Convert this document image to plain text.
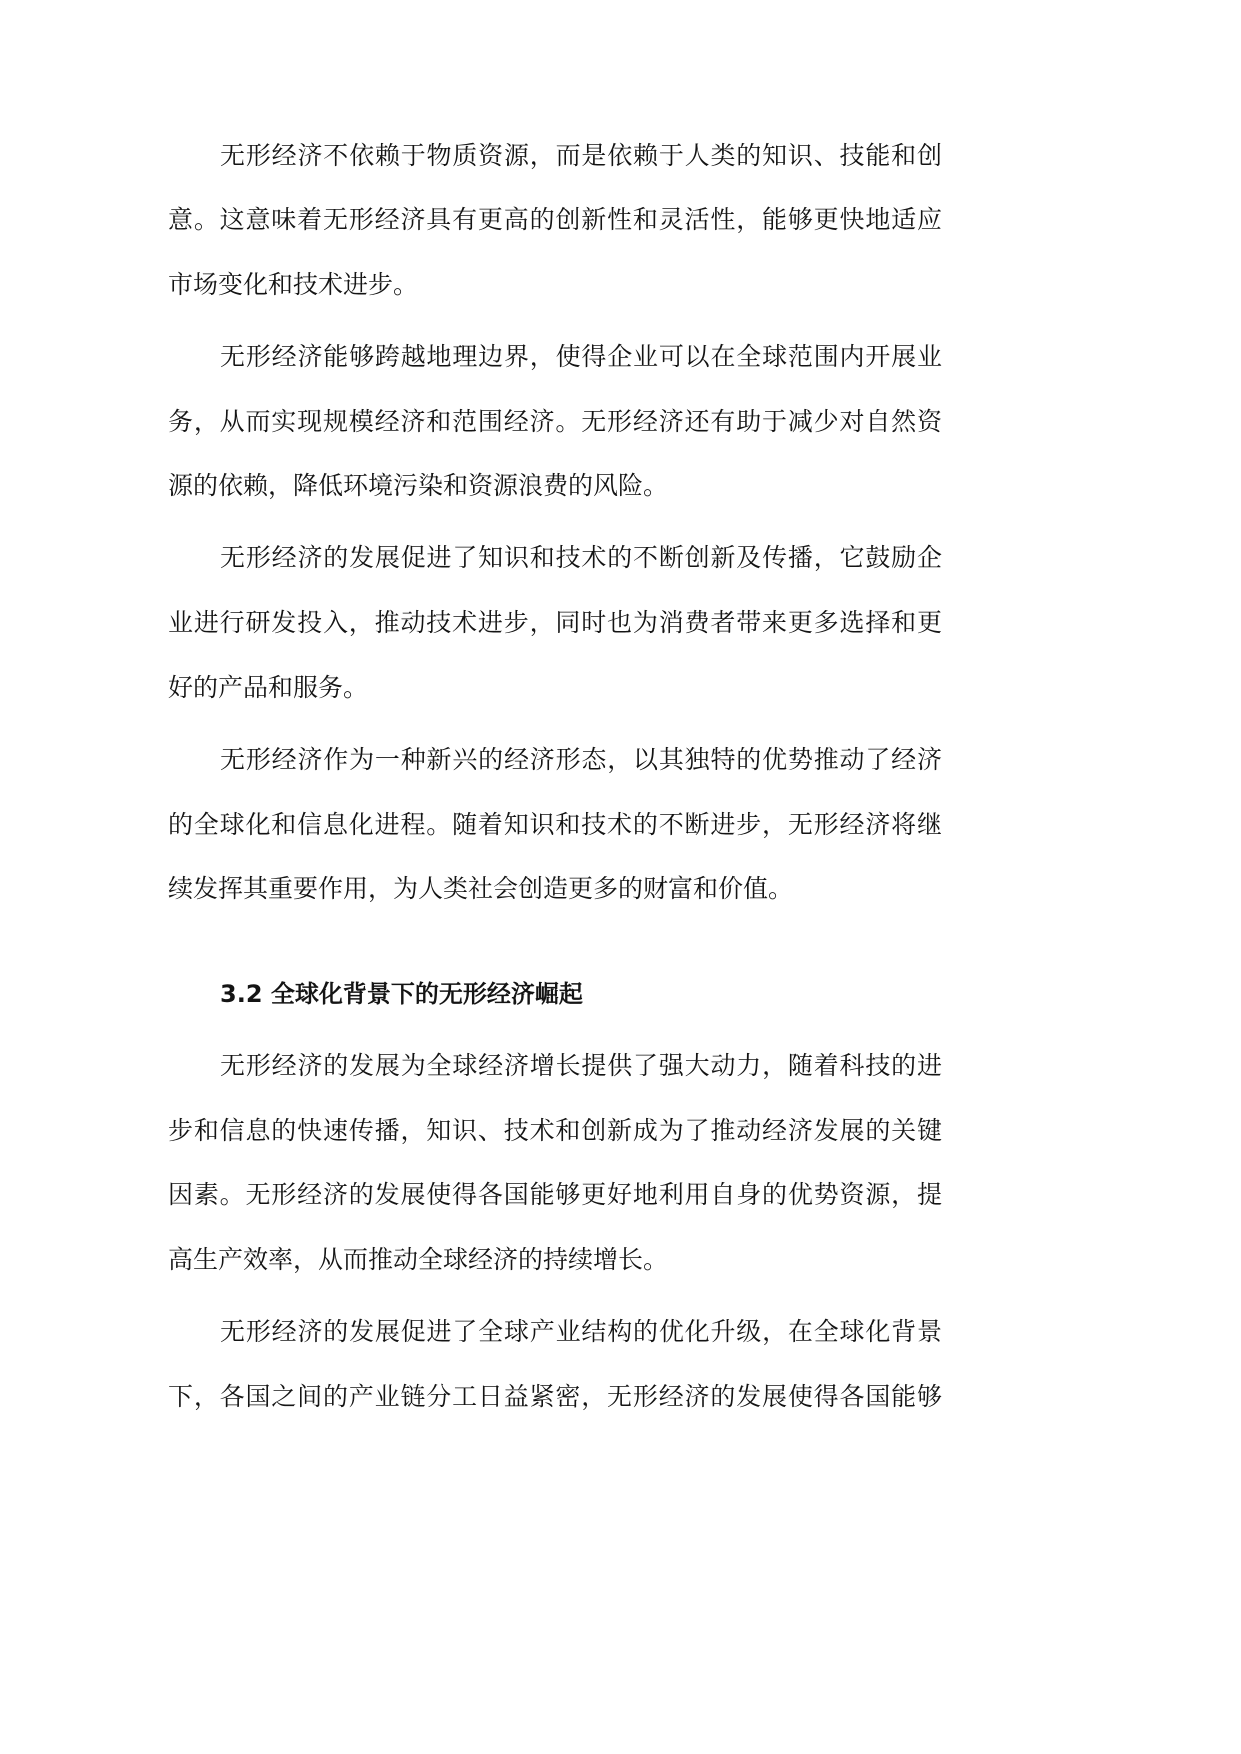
无形经济不依赖于物质资源，而是依赖于人类的知识、技能和创
意。这意味着无形经济具有更高的创新性和灵活性，能够更快地适应
市场变化和技术进步。
无形经济能够跨越地理边界，使得企业可以在全球范围内开展业
务，从而实现规模经济和范围经济。无形经济还有助于减少对自然资
源的依赖，降低环境污染和资源浪费的风险。
无形经济的发展促进了知识和技术的不断创新及传播，它鼓励企
业进行研发投入，推动技术进步，同时也为消费者带来更多选择和更
好的产品和服务。
无形经济作为一种新兴的经济形态，以其独特的优势推动了经济
的全球化和信息化进程。随着知识和技术的不断进步，无形经济将继
续发挥其重要作用，为人类社会创造更多的财富和价值。
3.2 全球化背景下的无形经济崛起
无形经济的发展为全球经济增长提供了强大动力，随着科技的进
步和信息的快速传播，知识、技术和创新成为了推动经济发展的关键
因素。无形经济的发展使得各国能够更好地利用自身的优势资源，提
高生产效率，从而推动全球经济的持续增长。
无形经济的发展促进了全球产业结构的优化升级，在全球化背景
下，各国之间的产业链分工日益紧密，无形经济的发展使得各国能够
